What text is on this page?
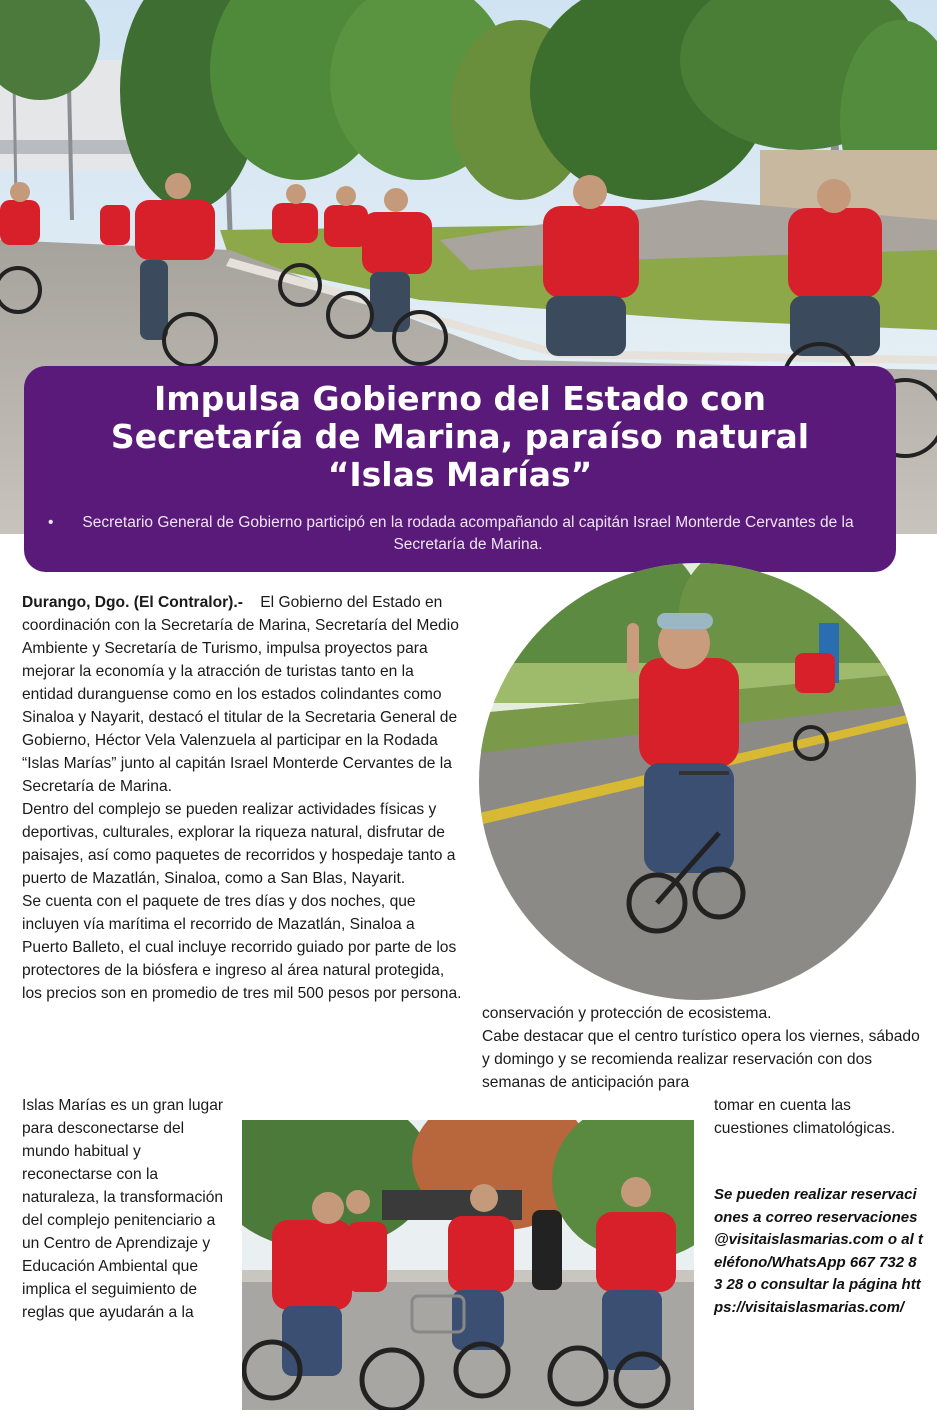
Impulsa Gobierno del Estado con Secretaría de Marina, paraíso natural “Islas Marías”
•	Secretario General de Gobierno participó en la rodada acompañando al capitán Israel Monterde Cervantes de la Secretaría de Marina.

Durango, Dgo. (El Contralor).- El Gobierno del Estado en coordinación con la Secretaría de Marina, Secretaría del Medio Ambiente y Secretaría de Turismo, impulsa proyectos para mejorar la economía y la atracción de turistas tanto en la entidad duranguense como en los estados colindantes como Sinaloa y Nayarit, destacó el titular de la Secretaria General de Gobierno, Héctor Vela Valenzuela al participar en la Rodada “Islas Marías” junto al capitán Israel Monterde Cervantes de la Secretaría de Marina.

Dentro del complejo se pueden realizar actividades físicas y deportivas, culturales, explorar la riqueza natural, disfrutar de paisajes, así como paquetes de recorridos y hospedaje tanto a puerto de Mazatlán, Sinaloa, como a San Blas, Nayarit.

Se cuenta con el paquete de tres días y dos noches, que incluyen vía marítima el recorrido de Mazatlán, Sinaloa a Puerto Balleto, el cual incluye recorrido guiado por parte de los protectores de la biósfera e ingreso al área natural protegida, los precios son en promedio de tres mil 500 pesos por persona.

conservación y protección de ecosistema.

Cabe destacar que el centro turístico opera los viernes, sábado y domingo y se recomienda realizar reservación con dos semanas de anticipación para

Islas Marías es un gran lugar para desconectarse del mundo habitual y reconectarse con la naturaleza, la transformación del complejo penitenciario a un Centro de Aprendizaje y Educación Ambiental que implica el seguimiento de reglas que ayudarán a la

tomar en cuenta las cuestiones climatológicas.

Se pueden realizar reservaciones a correo reservaciones@visitaislasmarias.com o al teléfono/WhatsApp 667 732 83 28 o consultar la página https://visitaislasmarias.com/
